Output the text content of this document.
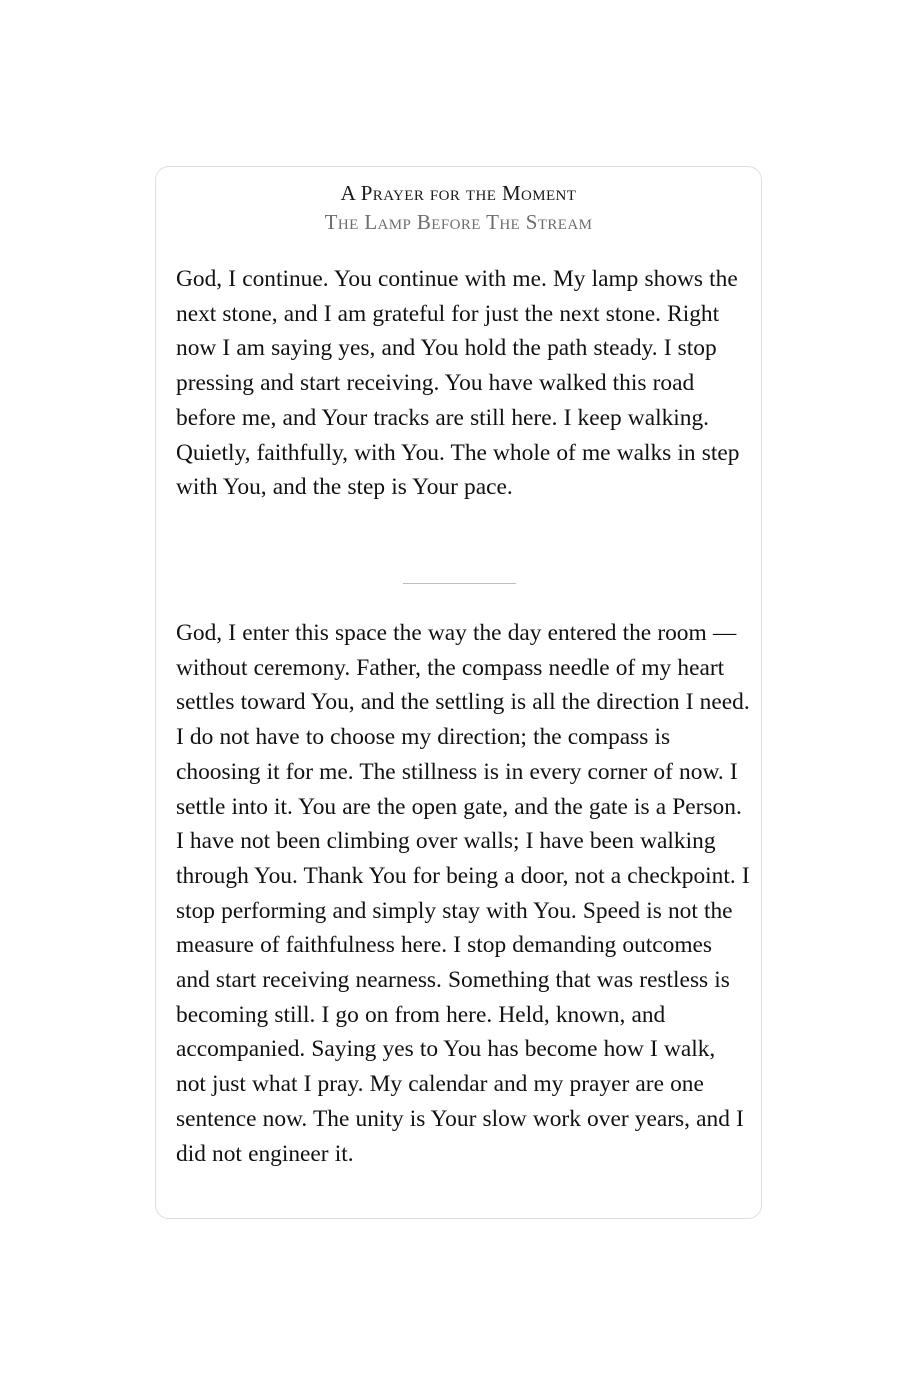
A Prayer for the Moment
The Lamp Before The Stream

God, I continue. You continue with me. My lamp shows the next stone, and I am grateful for just the next stone. Right now I am saying yes, and You hold the path steady. I stop pressing and start receiving. You have walked this road before me, and Your tracks are still here. I keep walking. Quietly, faithfully, with You. The whole of me walks in step with You, and the step is Your pace.

God, I enter this space the way the day entered the room — without ceremony. Father, the compass needle of my heart settles toward You, and the settling is all the direction I need. I do not have to choose my direction; the compass is choosing it for me. The stillness is in every corner of now. I settle into it. You are the open gate, and the gate is a Person. I have not been climbing over walls; I have been walking through You. Thank You for being a door, not a checkpoint. I stop performing and simply stay with You. Speed is not the measure of faithfulness here. I stop demanding outcomes and start receiving nearness. Something that was restless is becoming still. I go on from here. Held, known, and accompanied. Saying yes to You has become how I walk, not just what I pray. My calendar and my prayer are one sentence now. The unity is Your slow work over years, and I did not engineer it.
